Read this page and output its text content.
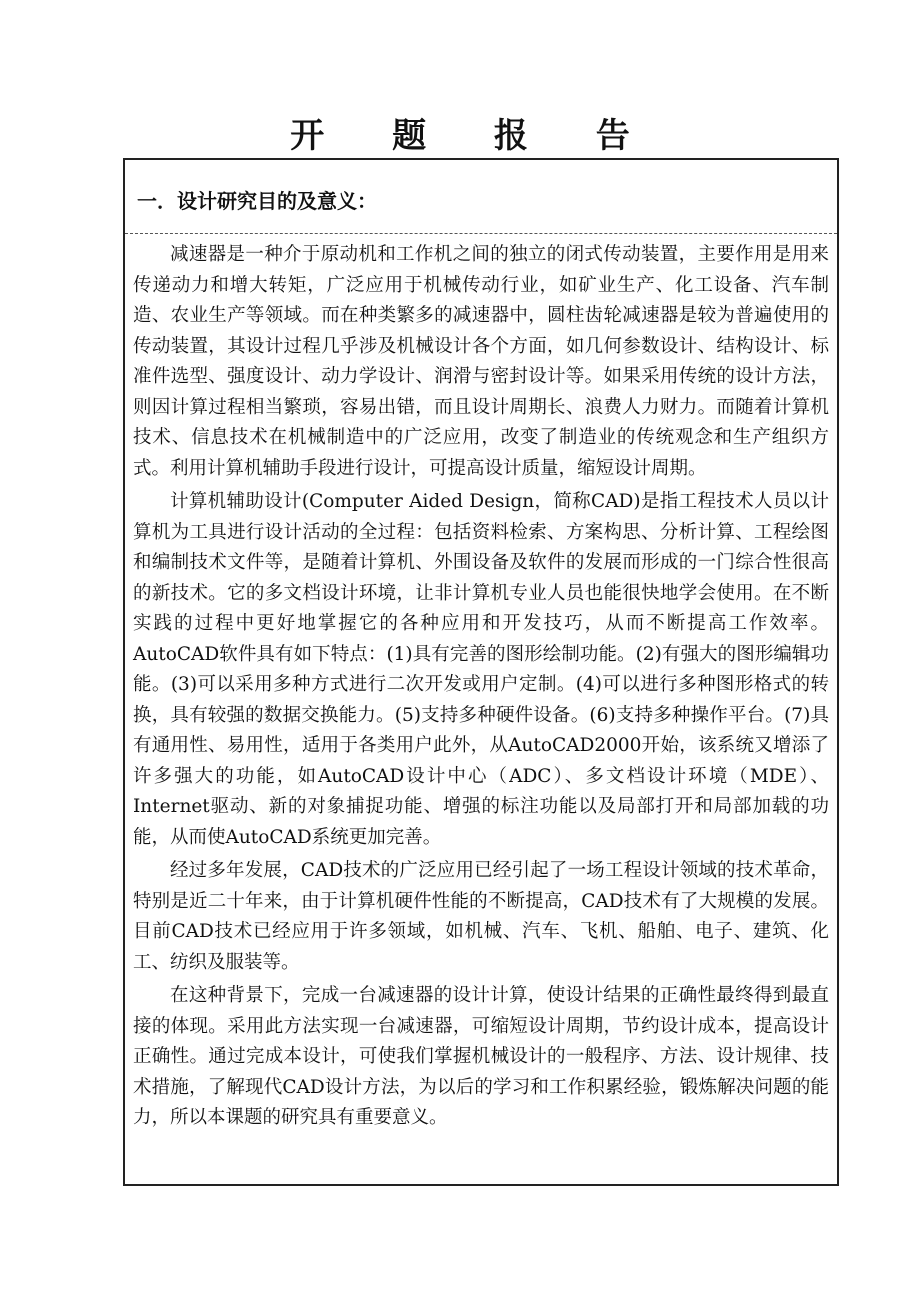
开 题 报 告
一．设计研究目的及意义：

减速器是一种介于原动机和工作机之间的独立的闭式传动装置，主要作用是用来传递动力和增大转矩，广泛应用于机械传动行业，如矿业生产、化工设备、汽车制造、农业生产等领域。而在种类繁多的减速器中，圆柱齿轮减速器是较为普遍使用的传动装置，其设计过程几乎涉及机械设计各个方面，如几何参数设计、结构设计、标准件选型、强度设计、动力学设计、润滑与密封设计等。如果采用传统的设计方法，则因计算过程相当繁琐，容易出错，而且设计周期长、浪费人力财力。而随着计算机技术、信息技术在机械制造中的广泛应用，改变了制造业的传统观念和生产组织方式。利用计算机辅助手段进行设计，可提高设计质量，缩短设计周期。

计算机辅助设计(Computer Aided Design，简称CAD)是指工程技术人员以计算机为工具进行设计活动的全过程：包括资料检索、方案构思、分析计算、工程绘图和编制技术文件等，是随着计算机、外围设备及软件的发展而形成的一门综合性很高的新技术。它的多文档设计环境，让非计算机专业人员也能很快地学会使用。在不断实践的过程中更好地掌握它的各种应用和开发技巧，从而不断提高工作效率。 AutoCAD软件具有如下特点：(1)具有完善的图形绘制功能。(2)有强大的图形编辑功能。(3)可以采用多种方式进行二次开发或用户定制。(4)可以进行多种图形格式的转换，具有较强的数据交换能力。(5)支持多种硬件设备。(6)支持多种操作平台。(7)具有通用性、易用性，适用于各类用户此外，从AutoCAD2000开始，该系统又增添了许多强大的功能，如AutoCAD设计中心（ADC）、多文档设计环境（MDE）、Internet驱动、新的对象捕捉功能、增强的标注功能以及局部打开和局部加载的功能，从而使AutoCAD系统更加完善。

经过多年发展，CAD技术的广泛应用已经引起了一场工程设计领域的技术革命，特别是近二十年来，由于计算机硬件性能的不断提高，CAD技术有了大规模的发展。目前CAD技术已经应用于许多领域，如机械、汽车、飞机、船舶、电子、建筑、化工、纺织及服装等。

在这种背景下，完成一台减速器的设计计算，使设计结果的正确性最终得到最直接的体现。采用此方法实现一台减速器，可缩短设计周期，节约设计成本，提高设计正确性。通过完成本设计，可使我们掌握机械设计的一般程序、方法、设计规律、技术措施，了解现代CAD设计方法，为以后的学习和工作积累经验，锻炼解决问题的能力，所以本课题的研究具有重要意义。
